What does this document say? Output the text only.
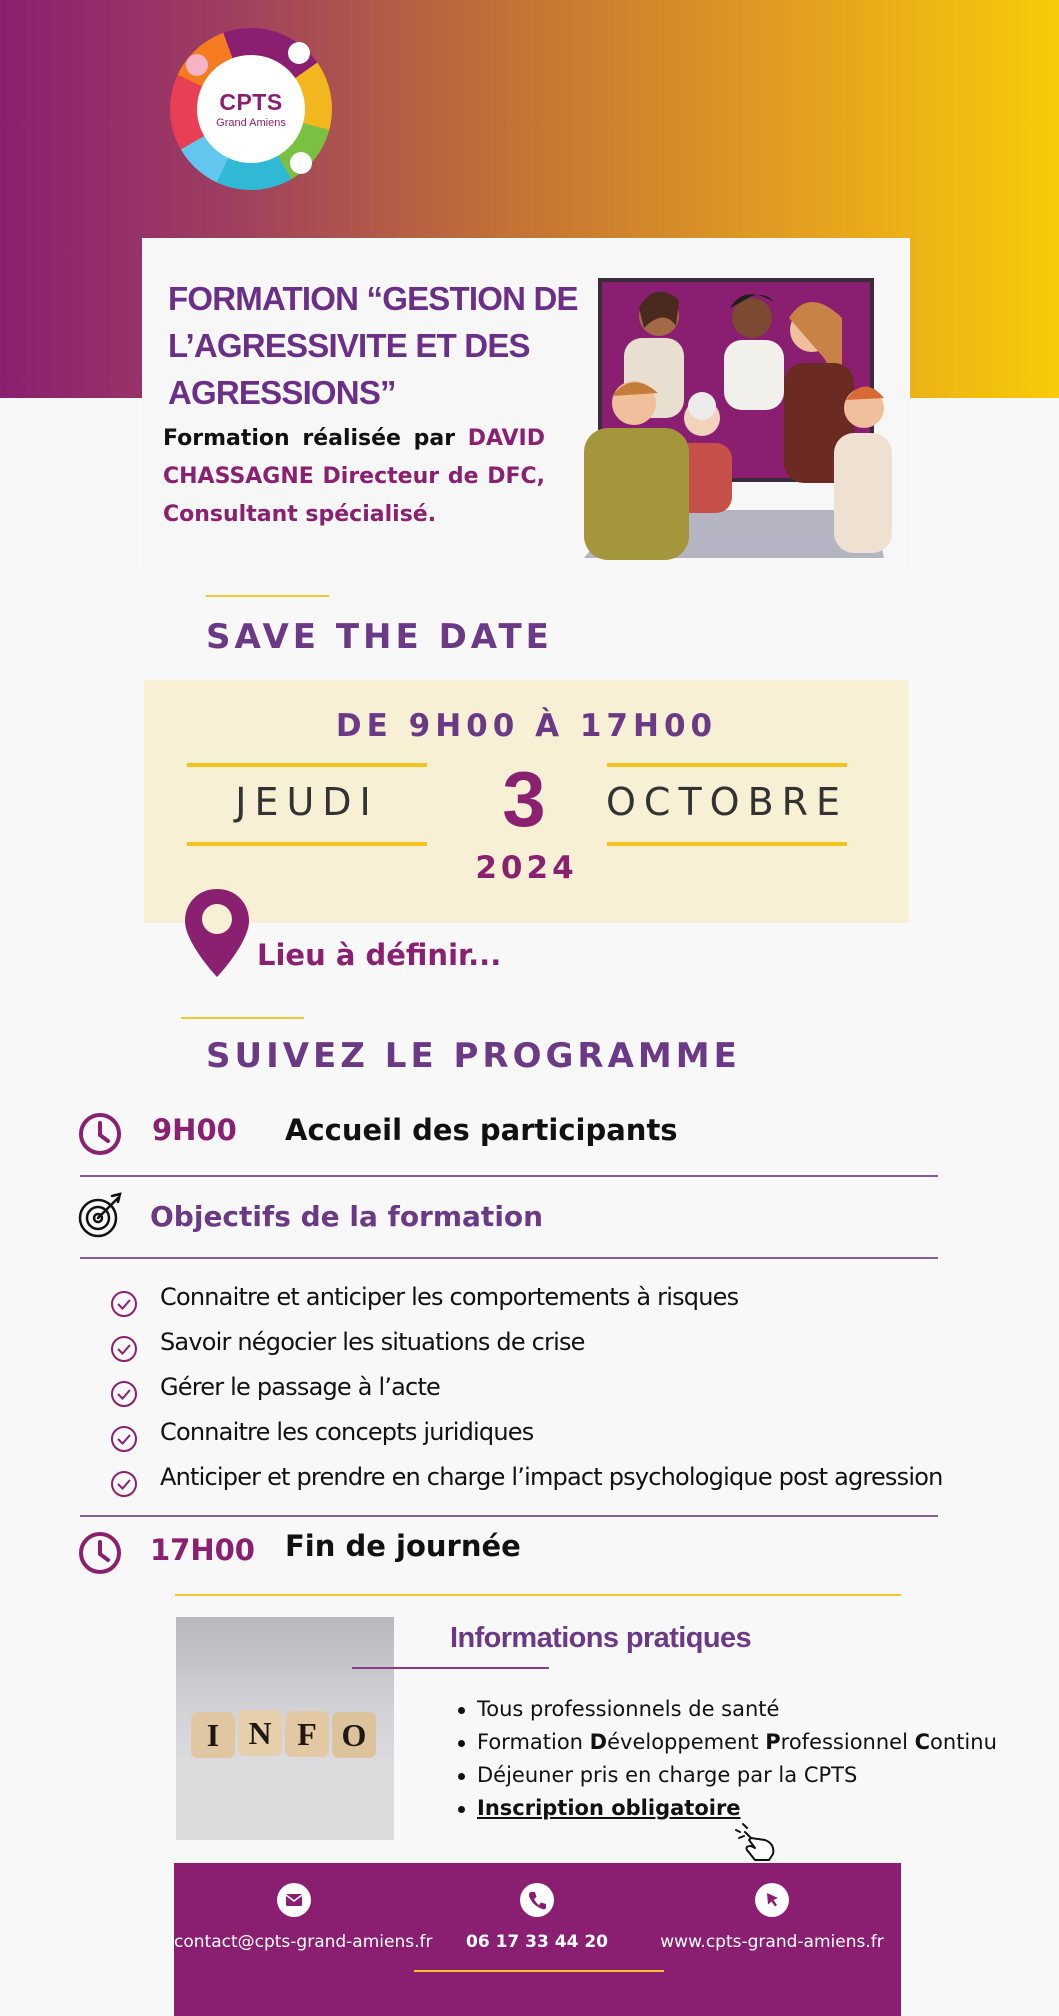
CPTS
Grand Amiens
FORMATION “GESTION DE L’AGRESSIVITE ET DES AGRESSIONS”
Formation réalisée par DAVID CHASSAGNE Directeur de DFC, Consultant spécialisé.
SAVE THE DATE
DE 9H00 À 17H00
JEUDI	3	OCTOBRE
2024
Lieu à définir...
SUIVEZ LE PROGRAMME
9H00 Accueil des participants
Objectifs de la formation
Connaitre et anticiper les comportements à risques
Savoir négocier les situations de crise
Gérer le passage à l’acte
Connaitre les concepts juridiques
Anticiper et prendre en charge l’impact psychologique post agression
17H00 Fin de journée
I N F O
Informations pratiques
Tous professionnels de santé
Formation Développement Professionnel Continu
Déjeuner pris en charge par la CPTS
Inscription obligatoire
contact@cpts-grand-amiens.fr	06 17 33 44 20	www.cpts-grand-amiens.fr
